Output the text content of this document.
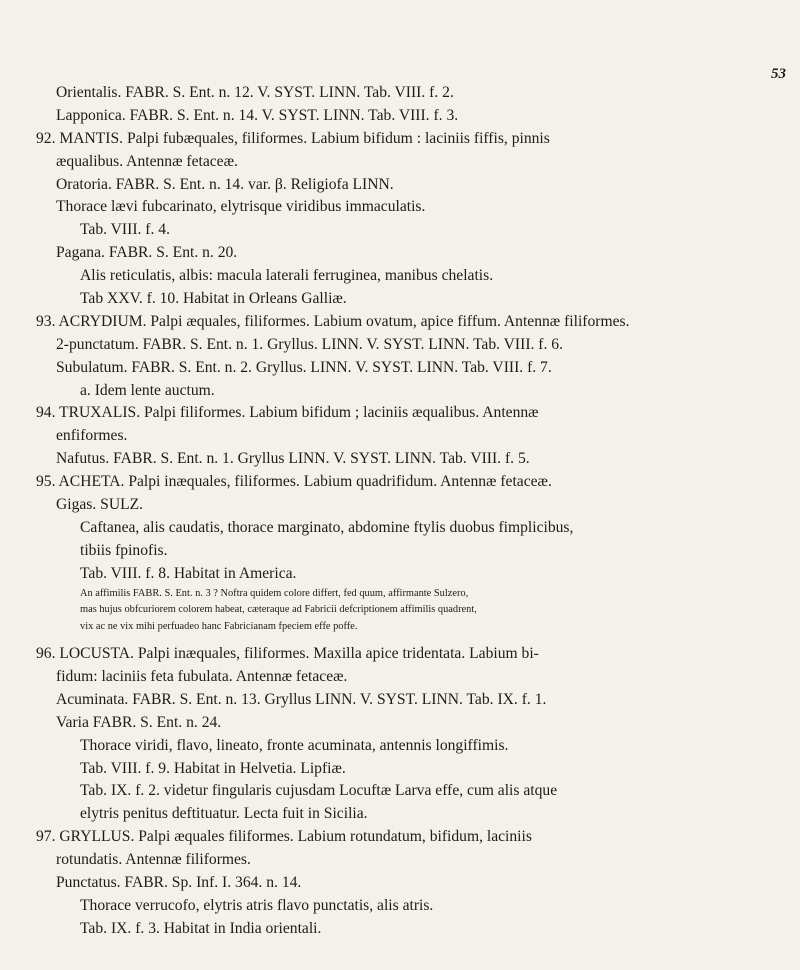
53
Orientalis. FABR. S. Ent. n. 12. V. SYST. LINN. Tab. VIII. f. 2.
Lapponica. FABR. S. Ent. n. 14. V. SYST. LINN. Tab. VIII. f. 3.
92. MANTIS. Palpi fubæquales, filiformes. Labium bifidum : laciniis fiffis, pinnis
æqualibus. Antennæ fetaceæ.
Oratoria. FABR. S. Ent. n. 14. var. β. Religiofa LINN.
Thorace lævi fubcarinato, elytrisque viridibus immaculatis.
Tab. VIII. f. 4.
Pagana. FABR. S. Ent. n. 20.
Alis reticulatis, albis: macula laterali ferruginea, manibus chelatis.
Tab XXV. f. 10. Habitat in Orleans Galliæ.
93. ACRYDIUM. Palpi æquales, filiformes. Labium ovatum, apice fiffum. Antennæ filiformes.
2-punctatum. FABR. S. Ent. n. 1. Gryllus. LINN. V. SYST. LINN. Tab. VIII. f. 6.
Subulatum. FABR. S. Ent. n. 2. Gryllus. LINN. V. SYST. LINN. Tab. VIII. f. 7.
a. Idem lente auctum.
94. TRUXALIS. Palpi filiformes. Labium bifidum ; laciniis æqualibus. Antennæ
enfiformes.
Nafutus. FABR. S. Ent. n. 1. Gryllus LINN. V. SYST. LINN. Tab. VIII. f. 5.
95. ACHETA. Palpi inæquales, filiformes. Labium quadrifidum. Antennæ fetaceæ.
Gigas. SULZ.
Caftanea, alis caudatis, thorace marginato, abdomine ftylis duobus fimplicibus,
tibiis fpinofis.
Tab. VIII. f. 8. Habitat in America.
An affimilis FABR. S. Ent. n. 3 ? Noftra quidem colore differt, fed quum, affirmante Sulzero,
mas hujus obfcuriorem colorem habeat, cæteraque ad Fabricii defcriptionem affimilis quadrent,
vix ac ne vix mihi perfuadeo hanc Fabricianam fpeciem effe poffe.
96. LOCUSTA. Palpi inæquales, filiformes. Maxilla apice tridentata. Labium bi-
fidum: laciniis feta fubulata. Antennæ fetaceæ.
Acuminata. FABR. S. Ent. n. 13. Gryllus LINN. V. SYST. LINN. Tab. IX. f. 1.
Varia FABR. S. Ent. n. 24.
Thorace viridi, flavo, lineato, fronte acuminata, antennis longiffimis.
Tab. VIII. f. 9. Habitat in Helvetia. Lipfiæ.
Tab. IX. f. 2. videtur fingularis cujusdam Locuftæ Larva effe, cum alis atque
elytris penitus deftituatur. Lecta fuit in Sicilia.
97. GRYLLUS. Palpi æquales filiformes. Labium rotundatum, bifidum, laciniis
rotundatis. Antennæ filiformes.
Punctatus. FABR. Sp. Inf. I. 364. n. 14.
Thorace verrucofo, elytris atris flavo punctatis, alis atris.
Tab. IX. f. 3. Habitat in India orientali.
